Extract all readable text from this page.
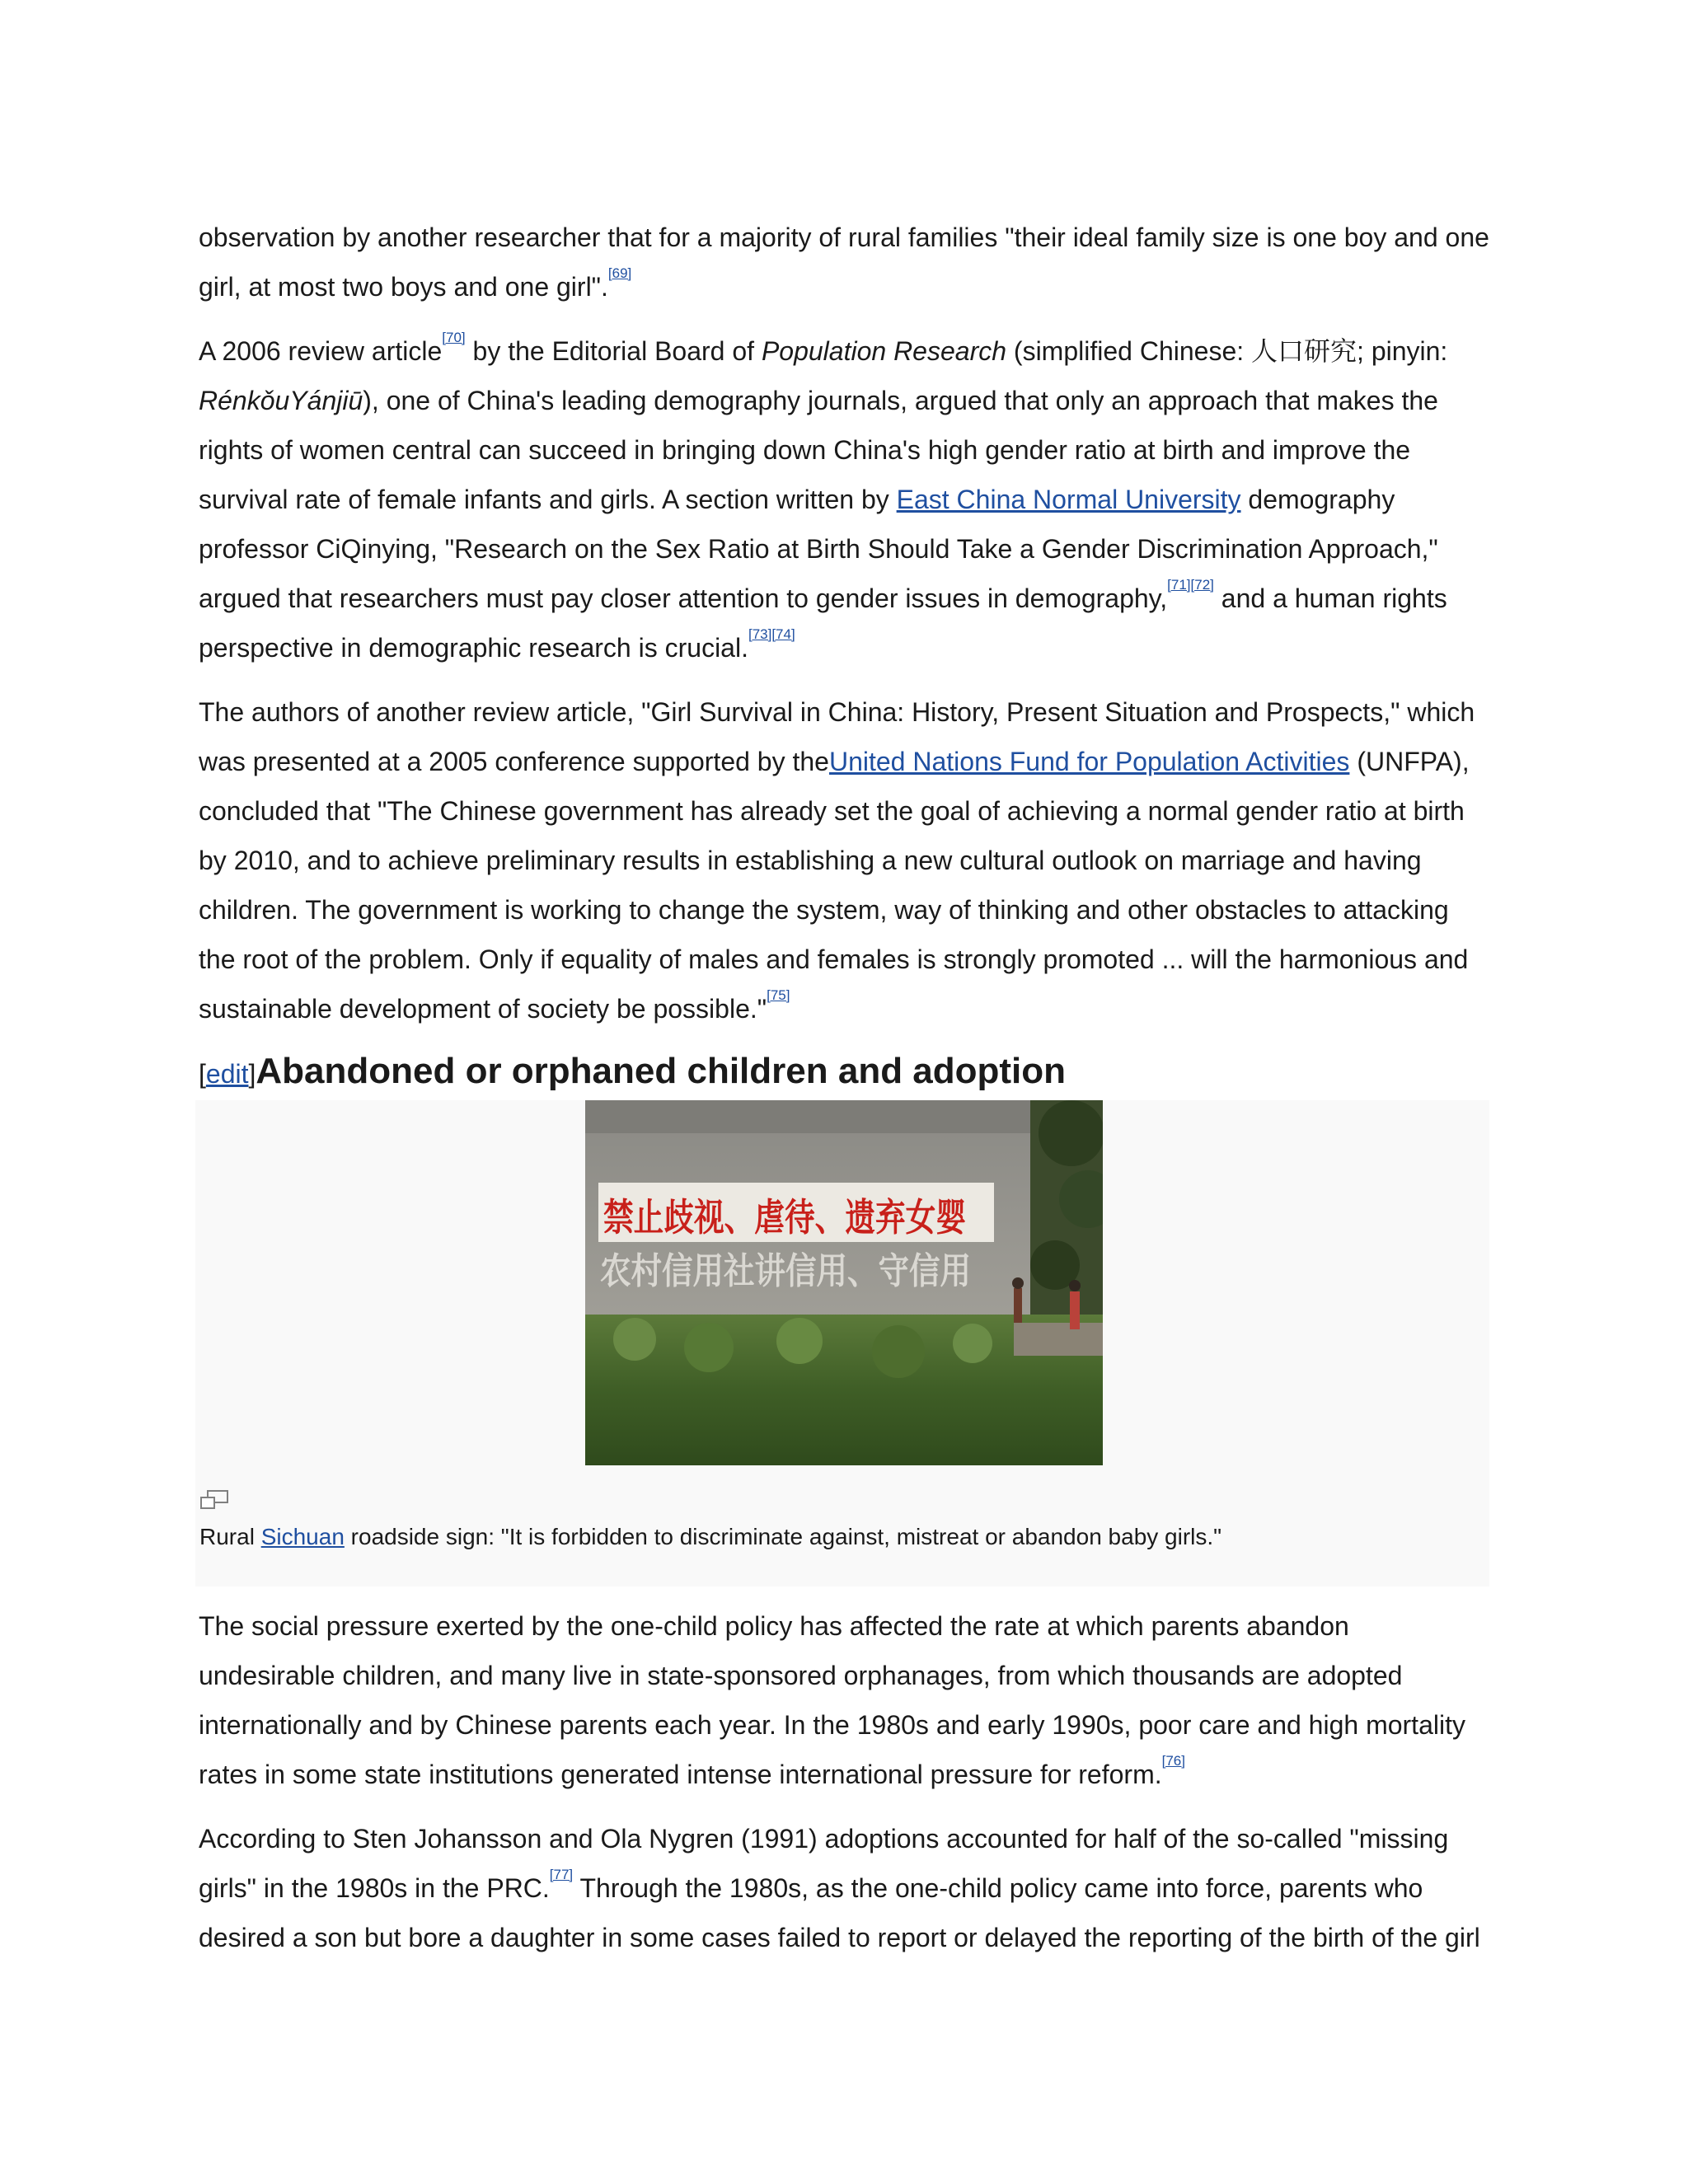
observation by another researcher that for a majority of rural families "their ideal family size is one boy and one girl, at most two boys and one girl".[69]

A 2006 review article[70] by the Editorial Board of Population Research (simplified Chinese: 人口研究; pinyin: RénkǒuYánjiū), one of China's leading demography journals, argued that only an approach that makes the rights of women central can succeed in bringing down China's high gender ratio at birth and improve the survival rate of female infants and girls. A section written by East China Normal University demography professor CiQinying, "Research on the Sex Ratio at Birth Should Take a Gender Discrimination Approach," argued that researchers must pay closer attention to gender issues in demography,[71][72] and a human rights perspective in demographic research is crucial.[73][74]

The authors of another review article, "Girl Survival in China: History, Present Situation and Prospects," which was presented at a 2005 conference supported by theUnited Nations Fund for Population Activities (UNFPA), concluded that "The Chinese government has already set the goal of achieving a normal gender ratio at birth by 2010, and to achieve preliminary results in establishing a new cultural outlook on marriage and having children. The government is working to change the system, way of thinking and other obstacles to attacking the root of the problem. Only if equality of males and females is strongly promoted ... will the harmonious and sustainable development of society be possible."[75]

[edit]Abandoned or orphaned children and adoption
禁止歧视、虐待、遗弃女婴
农村信用社讲信用、守信用
Rural Sichuan roadside sign: "It is forbidden to discriminate against, mistreat or abandon baby girls."

The social pressure exerted by the one-child policy has affected the rate at which parents abandon undesirable children, and many live in state-sponsored orphanages, from which thousands are adopted internationally and by Chinese parents each year. In the 1980s and early 1990s, poor care and high mortality rates in some state institutions generated intense international pressure for reform.[76]

According to Sten Johansson and Ola Nygren (1991) adoptions accounted for half of the so-called "missing girls" in the 1980s in the PRC.[77] Through the 1980s, as the one-child policy came into force, parents who desired a son but bore a daughter in some cases failed to report or delayed the reporting of the birth of the girl
